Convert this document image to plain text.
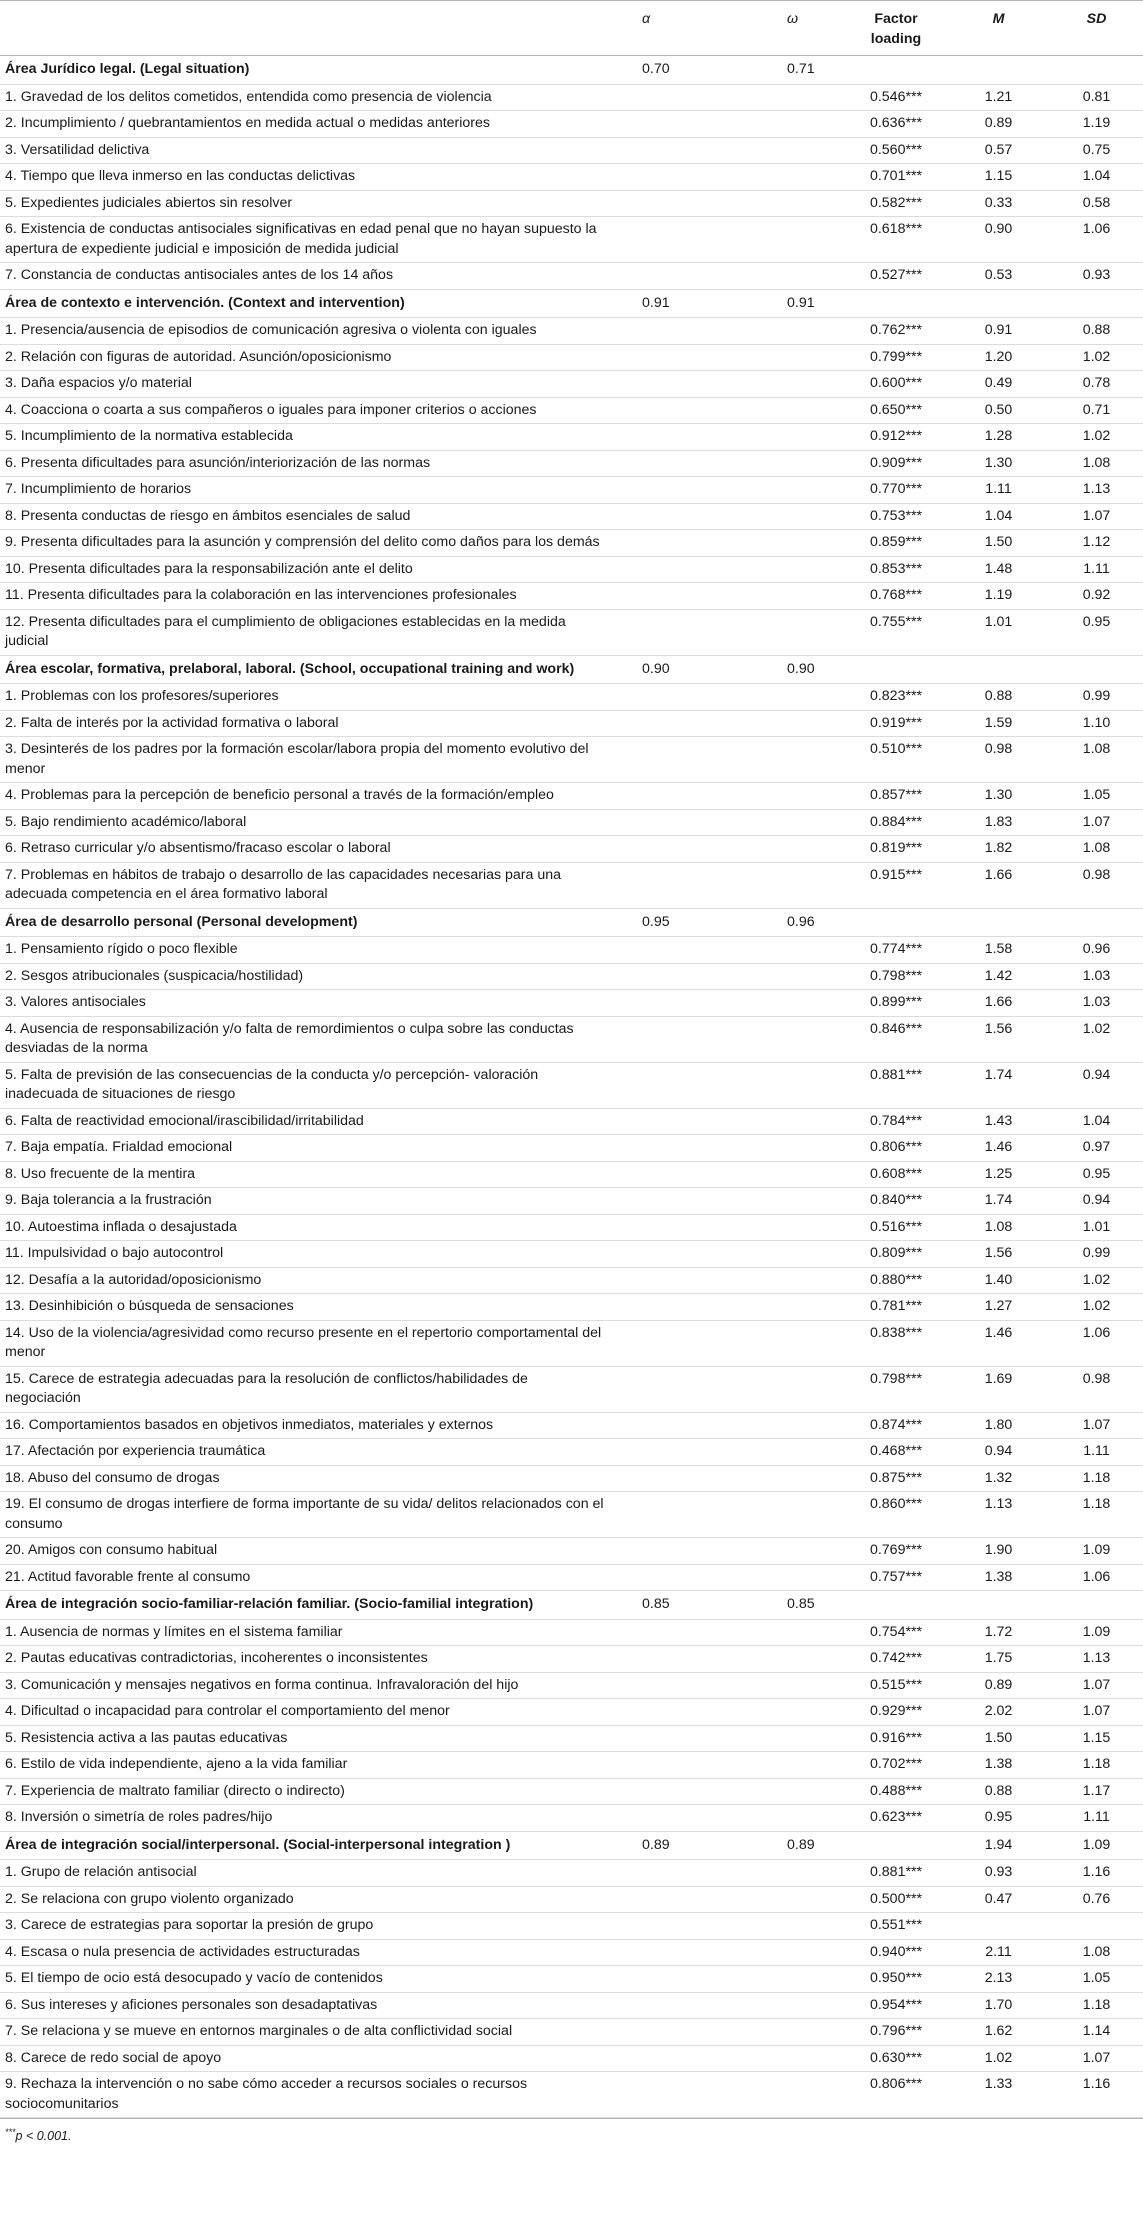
	α	ω	Factor loading	M	SD
Área Jurídico legal. (Legal situation)	0.70	0.71			
1. Gravedad de los delitos cometidos, entendida como presencia de violencia			0.546***	1.21	0.81
2. Incumplimiento / quebrantamientos en medida actual o medidas anteriores			0.636***	0.89	1.19
3. Versatilidad delictiva			0.560***	0.57	0.75
4. Tiempo que lleva inmerso en las conductas delictivas			0.701***	1.15	1.04
5. Expedientes judiciales abiertos sin resolver			0.582***	0.33	0.58
6. Existencia de conductas antisociales significativas en edad penal que no hayan supuesto la apertura de expediente judicial e imposición de medida judicial			0.618***	0.90	1.06
7. Constancia de conductas antisociales antes de los 14 años			0.527***	0.53	0.93
Área de contexto e intervención. (Context and intervention)	0.91	0.91			
1. Presencia/ausencia de episodios de comunicación agresiva o violenta con iguales			0.762***	0.91	0.88
2. Relación con figuras de autoridad. Asunción/oposicionismo			0.799***	1.20	1.02
3. Daña espacios y/o material			0.600***	0.49	0.78
4. Coacciona o coarta a sus compañeros o iguales para imponer criterios o acciones			0.650***	0.50	0.71
5. Incumplimiento de la normativa establecida			0.912***	1.28	1.02
6. Presenta dificultades para asunción/interiorización de las normas			0.909***	1.30	1.08
7. Incumplimiento de horarios			0.770***	1.11	1.13
8. Presenta conductas de riesgo en ámbitos esenciales de salud			0.753***	1.04	1.07
9. Presenta dificultades para la asunción y comprensión del delito como daños para los demás			0.859***	1.50	1.12
10. Presenta dificultades para la responsabilización ante el delito			0.853***	1.48	1.11
11. Presenta dificultades para la colaboración en las intervenciones profesionales			0.768***	1.19	0.92
12. Presenta dificultades para el cumplimiento de obligaciones establecidas en la medida judicial			0.755***	1.01	0.95
Área escolar, formativa, prelaboral, laboral. (School, occupational training and work)	0.90	0.90			
1. Problemas con los profesores/superiores			0.823***	0.88	0.99
2. Falta de interés por la actividad formativa o laboral			0.919***	1.59	1.10
3. Desinterés de los padres por la formación escolar/labora propia del momento evolutivo del menor			0.510***	0.98	1.08
4. Problemas para la percepción de beneficio personal a través de la formación/empleo			0.857***	1.30	1.05
5. Bajo rendimiento académico/laboral			0.884***	1.83	1.07
6. Retraso curricular y/o absentismo/fracaso escolar o laboral			0.819***	1.82	1.08
7. Problemas en hábitos de trabajo o desarrollo de las capacidades necesarias para una adecuada competencia en el área formativo laboral			0.915***	1.66	0.98
Área de desarrollo personal (Personal development)	0.95	0.96			
1. Pensamiento rígido o poco flexible			0.774***	1.58	0.96
2. Sesgos atribucionales (suspicacia/hostilidad)			0.798***	1.42	1.03
3. Valores antisociales			0.899***	1.66	1.03
4. Ausencia de responsabilización y/o falta de remordimientos o culpa sobre las conductas desviadas de la norma			0.846***	1.56	1.02
5. Falta de previsión de las consecuencias de la conducta y/o percepción- valoración inadecuada de situaciones de riesgo			0.881***	1.74	0.94
6. Falta de reactividad emocional/irascibilidad/irritabilidad			0.784***	1.43	1.04
7. Baja empatía. Frialdad emocional			0.806***	1.46	0.97
8. Uso frecuente de la mentira			0.608***	1.25	0.95
9. Baja tolerancia a la frustración			0.840***	1.74	0.94
10. Autoestima inflada o desajustada			0.516***	1.08	1.01
11. Impulsividad o bajo autocontrol			0.809***	1.56	0.99
12. Desafía a la autoridad/oposicionismo			0.880***	1.40	1.02
13. Desinhibición o búsqueda de sensaciones			0.781***	1.27	1.02
14. Uso de la violencia/agresividad como recurso presente en el repertorio comportamental del menor			0.838***	1.46	1.06
15. Carece de estrategia adecuadas para la resolución de conflictos/habilidades de negociación			0.798***	1.69	0.98
16. Comportamientos basados en objetivos inmediatos, materiales y externos			0.874***	1.80	1.07
17. Afectación por experiencia traumática			0.468***	0.94	1.11
18. Abuso del consumo de drogas			0.875***	1.32	1.18
19. El consumo de drogas interfiere de forma importante de su vida/ delitos relacionados con el consumo			0.860***	1.13	1.18
20. Amigos con consumo habitual			0.769***	1.90	1.09
21. Actitud favorable frente al consumo			0.757***	1.38	1.06
Área de integración socio-familiar-relación familiar. (Socio-familial integration)	0.85	0.85			
1. Ausencia de normas y límites en el sistema familiar			0.754***	1.72	1.09
2. Pautas educativas contradictorias, incoherentes o inconsistentes			0.742***	1.75	1.13
3. Comunicación y mensajes negativos en forma continua. Infravaloración del hijo			0.515***	0.89	1.07
4. Dificultad o incapacidad para controlar el comportamiento del menor			0.929***	2.02	1.07
5. Resistencia activa a las pautas educativas			0.916***	1.50	1.15
6. Estilo de vida independiente, ajeno a la vida familiar			0.702***	1.38	1.18
7. Experiencia de maltrato familiar (directo o indirecto)			0.488***	0.88	1.17
8. Inversión o simetría de roles padres/hijo			0.623***	0.95	1.11
Área de integración social/interpersonal. (Social-interpersonal integration )	0.89	0.89		1.94	1.09
1. Grupo de relación antisocial			0.881***	0.93	1.16
2. Se relaciona con grupo violento organizado			0.500***	0.47	0.76
3. Carece de estrategias para soportar la presión de grupo			0.551***		
4. Escasa o nula presencia de actividades estructuradas			0.940***	2.11	1.08
5. El tiempo de ocio está desocupado y vacío de contenidos			0.950***	2.13	1.05
6. Sus intereses y aficiones personales son desadaptativas			0.954***	1.70	1.18
7. Se relaciona y se mueve en entornos marginales o de alta conflictividad social			0.796***	1.62	1.14
8. Carece de redo social de apoyo			0.630***	1.02	1.07
9. Rechaza la intervención o no sabe cómo acceder a recursos sociales o recursos sociocomunitarios			0.806***	1.33	1.16
***p < 0.001.
